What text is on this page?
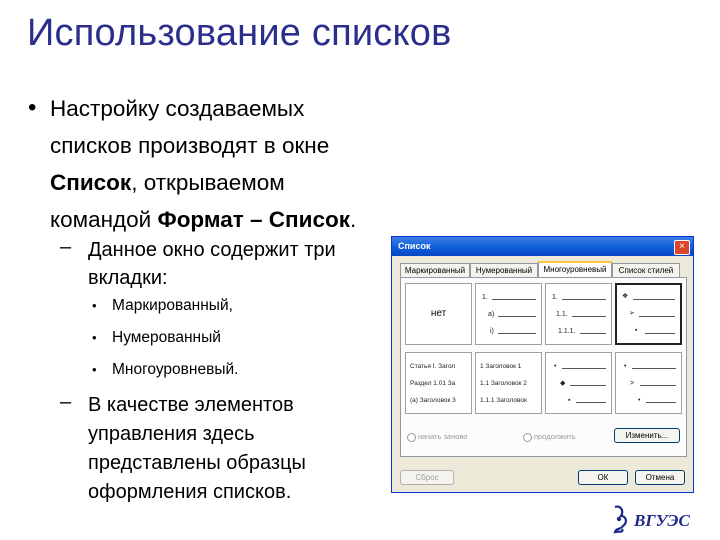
Использование списков
• Настройку создаваемых
списков производят в окне
Список, открываемом
командой Формат – Список.
– Данное окно содержит три
вкладки:
• Маркированный,
• Нумерованный
• Многоуровневый.
– В качестве элементов
управления здесь
представлены образцы
оформления списков.
Список	×
Маркированный	Нумерованный	Многоуровневый	Список стилей
нет
1.
a)
i)
1.
1.1.
1.1.1.
❖
➢
▪
Статья I. Загол
Раздел 1.01 За
(a) Заголовок 3
1 Заголовок 1
1.1 Заголовок 2
1.1.1 Заголовок
•
◆
▪
•
>
•
начать заново	продолжить	Изменить...
Сброс	ОК	Отмена
ВГУЭС
